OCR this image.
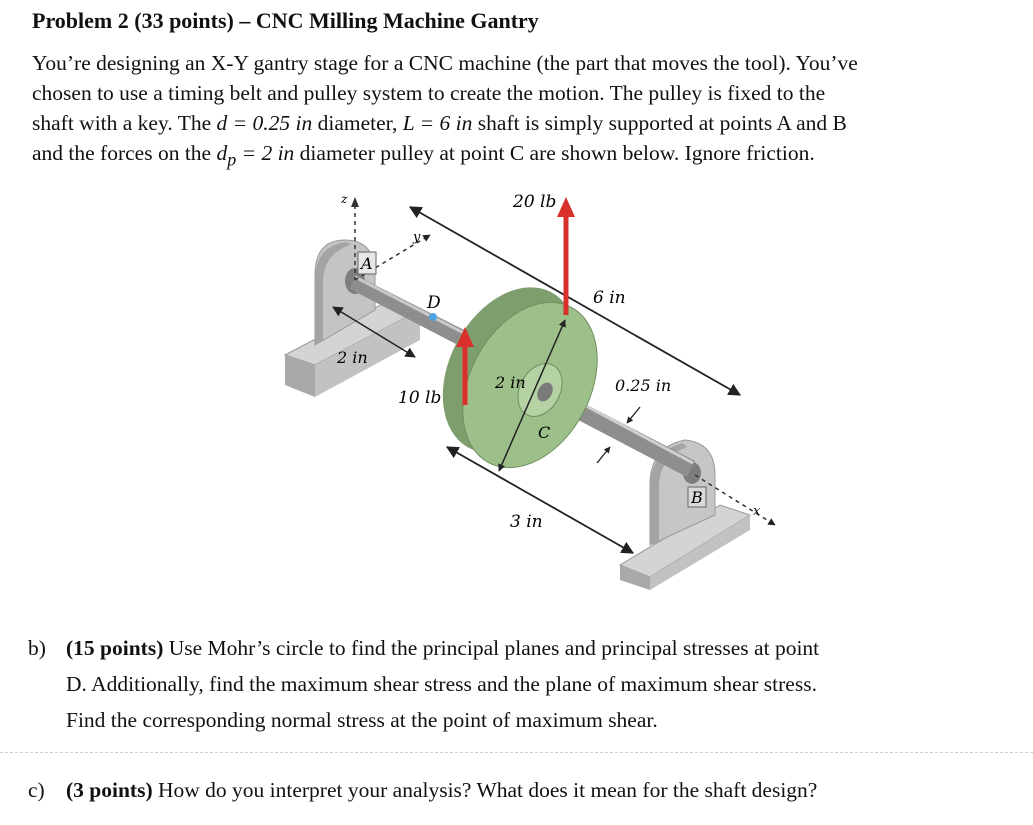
Problem 2 (33 points) – CNC Milling Machine Gantry
You’re designing an X-Y gantry stage for a CNC machine (the part that moves the tool). You’ve
chosen to use a timing belt and pulley system to create the motion. The pulley is fixed to the
shaft with a key. The d = 0.25 in diameter, L = 6 in shaft is simply supported at points A and B
and the forces on the $d_p = 2$ in diameter pulley at point C are shown below. Ignore friction.
z
y
x
A
D
C
B
6 in
2 in
3 in
2 in	0.25 in
20 lb
10 lb
b) (15 points) Use Mohr’s circle to find the principal planes and principal stresses at point
D. Additionally, find the maximum shear stress and the plane of maximum shear stress.
Find the corresponding normal stress at the point of maximum shear.
c) (3 points) How do you interpret your analysis? What does it mean for the shaft design?
